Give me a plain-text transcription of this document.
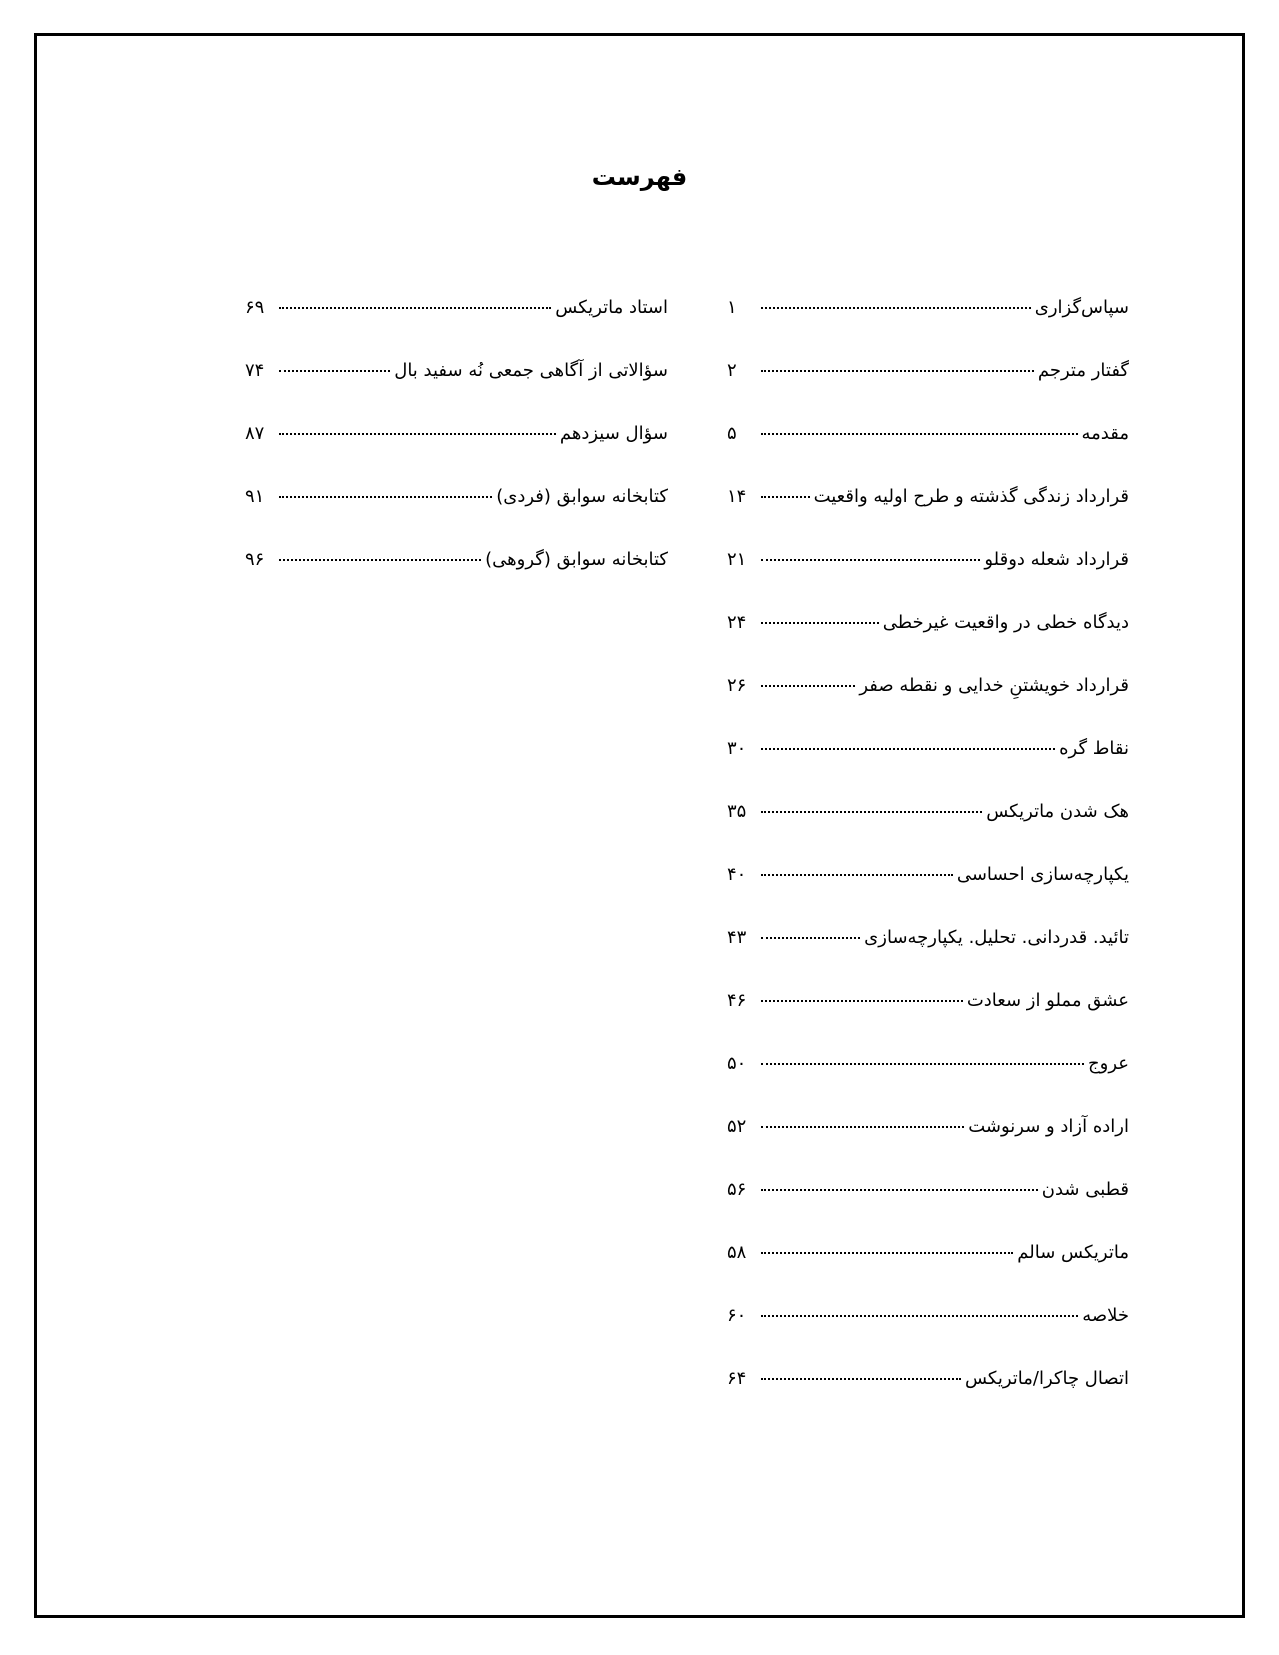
فهرست
سپاس‌گزاری
۱
گفتار مترجم
۲
مقدمه
۵
قرارداد زندگی گذشته و طرح اولیه واقعیت
۱۴
قرارداد شعله دوقلو
۲۱
دیدگاه خطی در واقعیت غیرخطی
۲۴
قرارداد خویشتنِ خدایی و نقطه صفر
۲۶
نقاط گره
۳۰
هک شدن ماتریکس
۳۵
یکپارچه‌سازی احساسی
۴۰
تائید. قدردانی. تحلیل. یکپارچه‌سازی
۴۳
عشق مملو از سعادت
۴۶
عروج
۵۰
اراده آزاد و سرنوشت
۵۲
قطبی شدن
۵۶
ماتریکس سالم
۵۸
خلاصه
۶۰
اتصال چاکرا/ماتریکس
۶۴
استاد ماتریکس
۶۹
سؤالاتی از آگاهی جمعی نُه سفید بال
۷۴
سؤال سیزدهم
۸۷
کتابخانه سوابق (فردی)
۹۱
کتابخانه سوابق (گروهی)
۹۶
